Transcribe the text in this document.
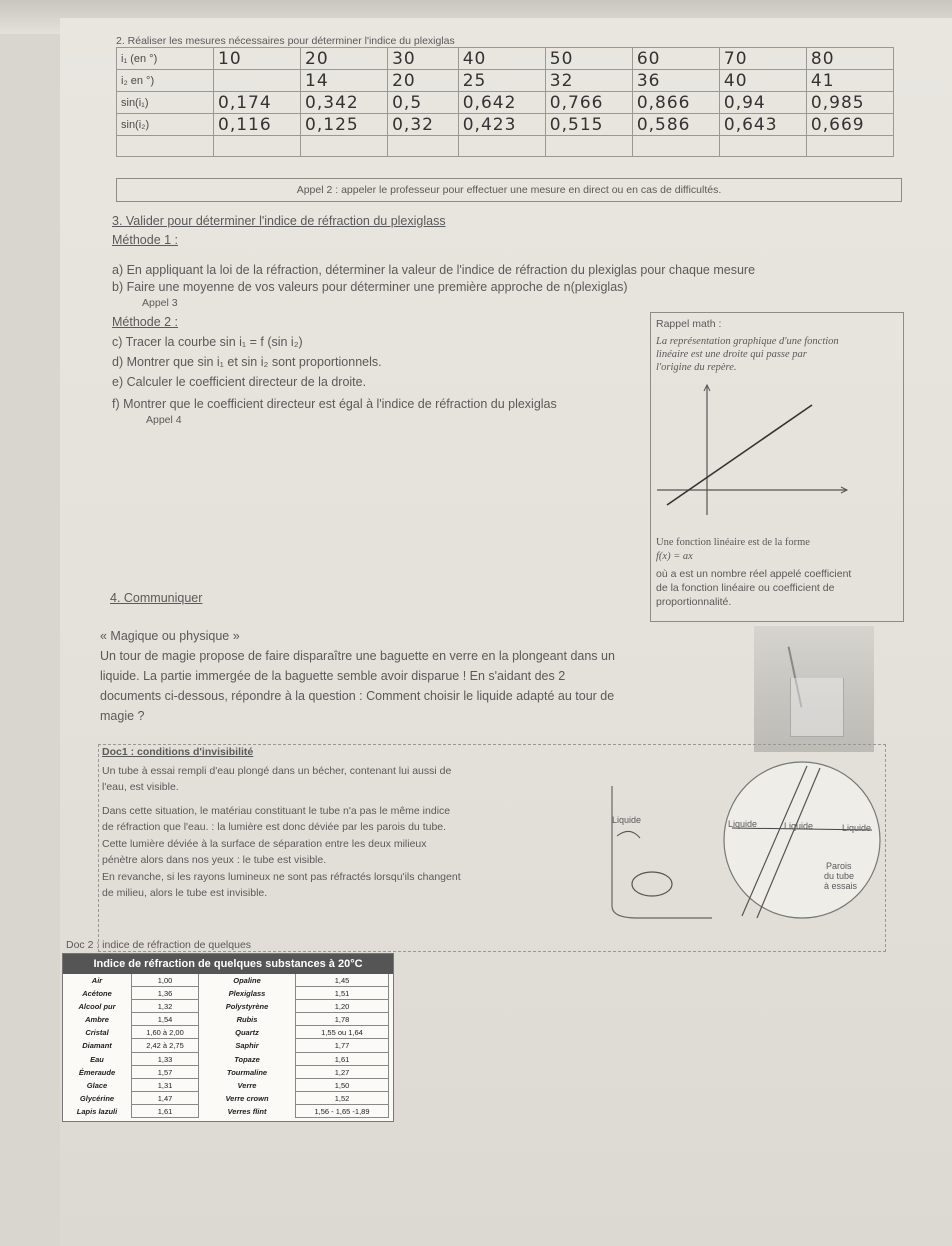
2. Réaliser les mesures nécessaires pour déterminer l'indice du plexiglas
i₁ (en °)	10	20	30	40	50	60	70	80
i₂ en °)		14	20	25	32	36	40	41
sin(i₁)	0,174	0,342	0,5	0,642	0,766	0,866	0,94	0,985
sin(i₂)	0,116	0,125	0,32	0,423	0,515	0,586	0,643	0,669

Appel 2 : appeler le professeur pour effectuer une mesure en direct ou en cas de difficultés.
3. Valider pour déterminer l'indice de réfraction du plexiglass
Méthode 1 :
a) En appliquant la loi de la réfraction, déterminer la valeur de l'indice de réfraction du plexiglas pour chaque mesure
b) Faire une moyenne de vos valeurs pour déterminer une première approche de n(plexiglas)
Appel 3
Méthode 2 :
c) Tracer la courbe sin i₁ = f (sin i₂)
d) Montrer que sin i₁ et sin i₂ sont proportionnels.
e) Calculer le coefficient directeur de la droite.
f) Montrer que le coefficient directeur est égal à l'indice de réfraction du plexiglas
Appel 4
Rappel math :
La représentation graphique d'une fonction
linéaire est une droite qui passe par
l'origine du repère.
Une fonction linéaire est de la forme
f(x) = ax
où a est un nombre réel appelé coefficient
de la fonction linéaire ou coefficient de
proportionnalité.
4. Communiquer
« Magique ou physique »
Un tour de magie propose de faire disparaître une baguette en verre en la plongeant dans un
liquide. La partie immergée de la baguette semble avoir disparue ! En s'aidant des 2
documents ci-dessous, répondre à la question : Comment choisir le liquide adapté au tour de
magie ?
Doc1 : conditions d'invisibilité
Un tube à essai rempli d'eau plongé dans un bécher, contenant lui aussi de
l'eau, est visible.
Dans cette situation, le matériau constituant le tube n'a pas le même indice
de réfraction que l'eau. : la lumière est donc déviée par les parois du tube.
Cette lumière déviée à la surface de séparation entre les deux milieux
pénètre alors dans nos yeux : le tube est visible.
En revanche, si les rayons lumineux ne sont pas réfractés lorsqu'ils changent
de milieu, alors le tube est invisible.
Liquide	Liquide	Liquide	Liquide
Parois
du tube
à essais
Doc 2 : indice de réfraction de quelques
Indice de réfraction de quelques substances à 20°C
Air	1,00	Opaline	1,45
Acétone	1,36	Plexiglass	1,51
Alcool pur	1,32	Polystyrène	1,20
Ambre	1,54	Rubis	1,78
Cristal	1,60 à 2,00	Quartz	1,55 ou 1,64
Diamant	2,42 à 2,75	Saphir	1,77
Eau	1,33	Topaze	1,61
Émeraude	1,57	Tourmaline	1,27
Glace	1,31	Verre	1,50
Glycérine	1,47	Verre crown	1,52
Lapis lazuli	1,61	Verres flint	1,56 - 1,65 -1,89
